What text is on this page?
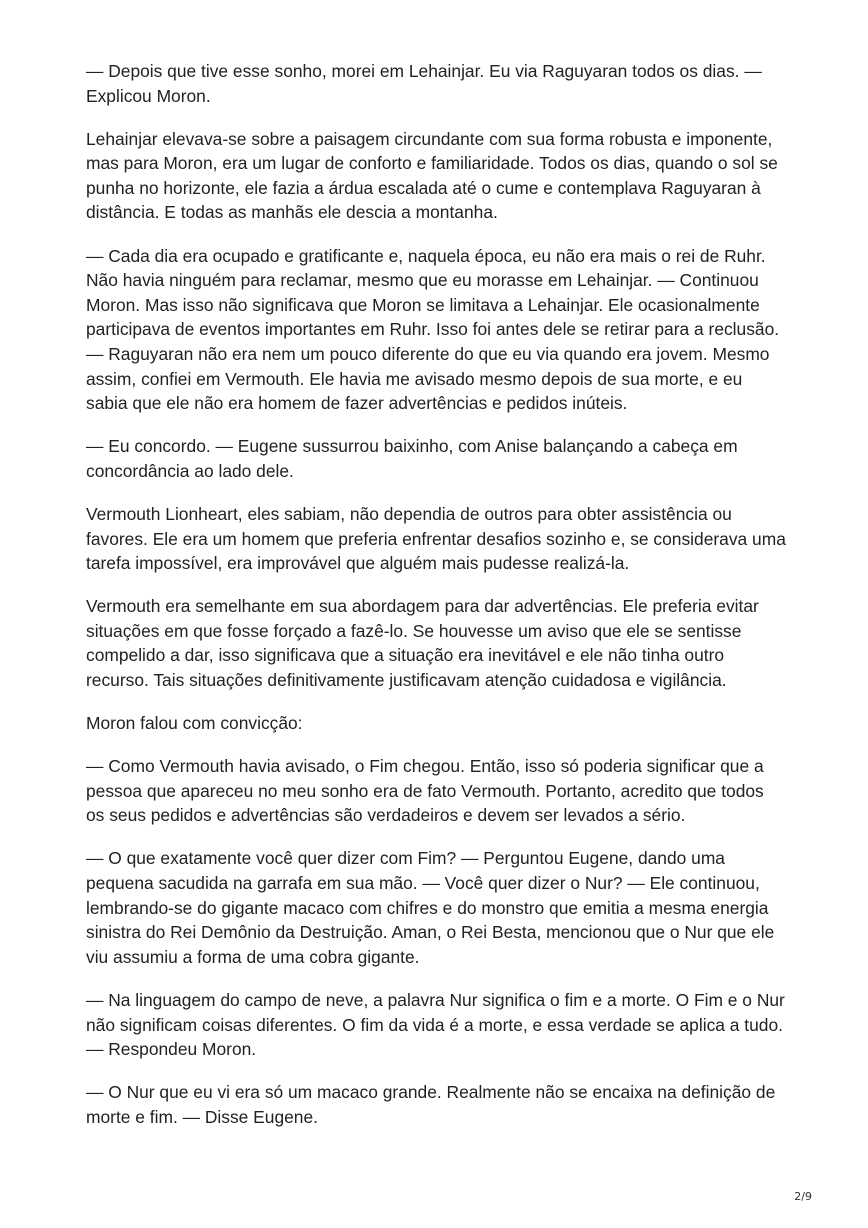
— Depois que tive esse sonho, morei em Lehainjar. Eu via Raguyaran todos os dias. — Explicou Moron.

Lehainjar elevava-se sobre a paisagem circundante com sua forma robusta e imponente, mas para Moron, era um lugar de conforto e familiaridade. Todos os dias, quando o sol se punha no horizonte, ele fazia a árdua escalada até o cume e contemplava Raguyaran à distância. E todas as manhãs ele descia a montanha.

— Cada dia era ocupado e gratificante e, naquela época, eu não era mais o rei de Ruhr. Não havia ninguém para reclamar, mesmo que eu morasse em Lehainjar. — Continuou Moron. Mas isso não significava que Moron se limitava a Lehainjar. Ele ocasionalmente participava de eventos importantes em Ruhr. Isso foi antes dele se retirar para a reclusão. — Raguyaran não era nem um pouco diferente do que eu via quando era jovem. Mesmo assim, confiei em Vermouth. Ele havia me avisado mesmo depois de sua morte, e eu sabia que ele não era homem de fazer advertências e pedidos inúteis.

— Eu concordo. — Eugene sussurrou baixinho, com Anise balançando a cabeça em concordância ao lado dele.

Vermouth Lionheart, eles sabiam, não dependia de outros para obter assistência ou favores. Ele era um homem que preferia enfrentar desafios sozinho e, se considerava uma tarefa impossível, era improvável que alguém mais pudesse realizá-la.

Vermouth era semelhante em sua abordagem para dar advertências. Ele preferia evitar situações em que fosse forçado a fazê-lo. Se houvesse um aviso que ele se sentisse compelido a dar, isso significava que a situação era inevitável e ele não tinha outro recurso. Tais situações definitivamente justificavam atenção cuidadosa e vigilância.

Moron falou com convicção:

— Como Vermouth havia avisado, o Fim chegou. Então, isso só poderia significar que a pessoa que apareceu no meu sonho era de fato Vermouth. Portanto, acredito que todos os seus pedidos e advertências são verdadeiros e devem ser levados a sério.

— O que exatamente você quer dizer com Fim? — Perguntou Eugene, dando uma pequena sacudida na garrafa em sua mão. — Você quer dizer o Nur? — Ele continuou, lembrando-se do gigante macaco com chifres e do monstro que emitia a mesma energia sinistra do Rei Demônio da Destruição. Aman, o Rei Besta, mencionou que o Nur que ele viu assumiu a forma de uma cobra gigante.

— Na linguagem do campo de neve, a palavra Nur significa o fim e a morte. O Fim e o Nur não significam coisas diferentes. O fim da vida é a morte, e essa verdade se aplica a tudo. — Respondeu Moron.

— O Nur que eu vi era só um macaco grande. Realmente não se encaixa na definição de morte e fim. — Disse Eugene.

2/9
